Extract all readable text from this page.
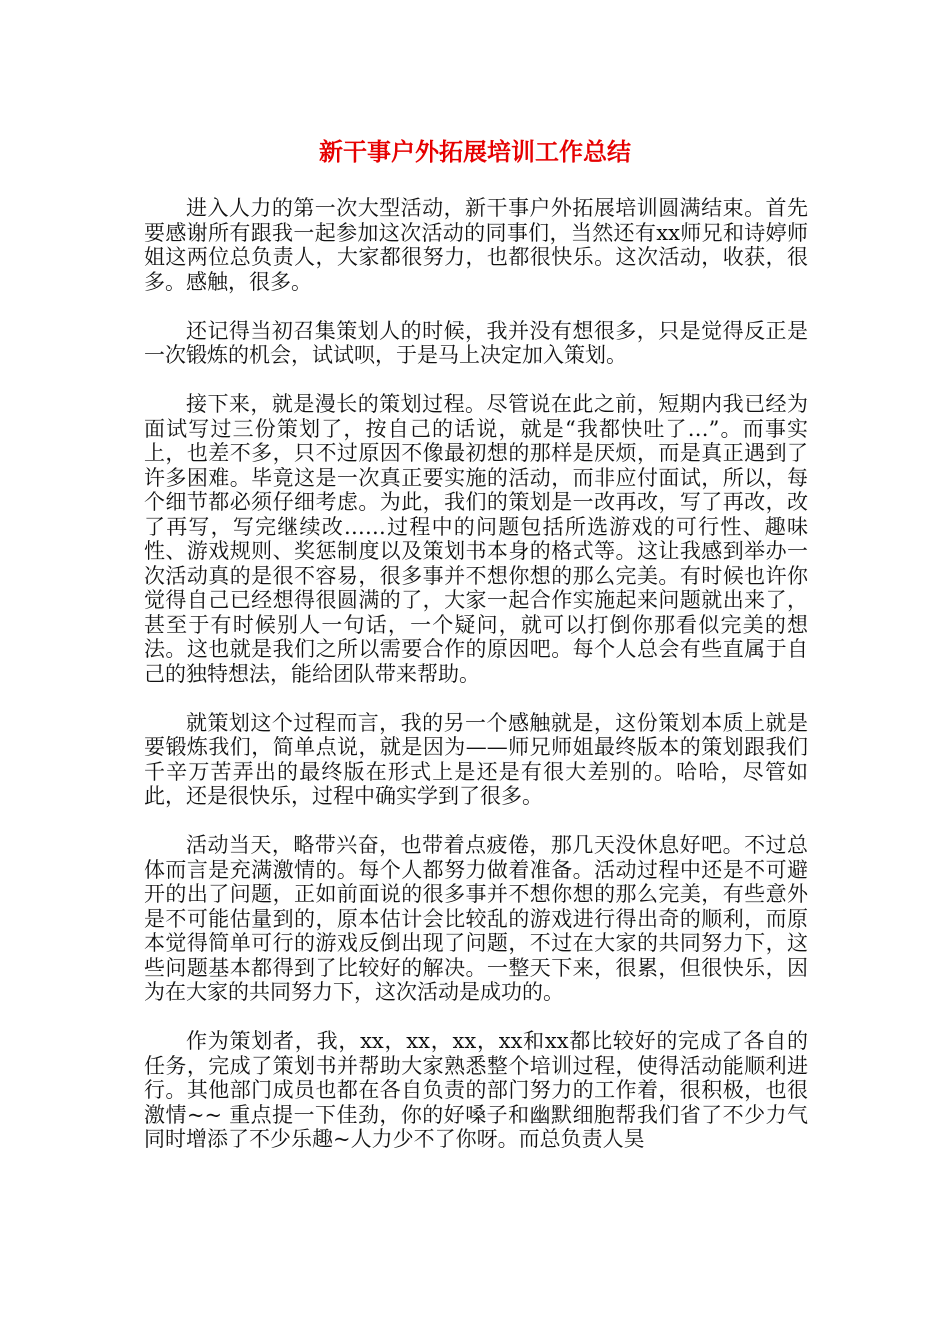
新干事户外拓展培训工作总结

进入人力的第一次大型活动，新干事户外拓展培训圆满结束。首先要感谢所有跟我一起参加这次活动的同事们，当然还有xx师兄和诗婷师姐这两位总负责人，大家都很努力，也都很快乐。这次活动，收获，很多。感触，很多。

还记得当初召集策划人的时候，我并没有想很多，只是觉得反正是一次锻炼的机会，试试呗，于是马上决定加入策划。

接下来，就是漫长的策划过程。尽管说在此之前，短期内我已经为面试写过三份策划了，按自己的话说，就是“我都快吐了…”。而事实上，也差不多，只不过原因不像最初想的那样是厌烦，而是真正遇到了许多困难。毕竟这是一次真正要实施的活动，而非应付面试，所以，每个细节都必须仔细考虑。为此，我们的策划是一改再改，写了再改，改了再写，写完继续改……过程中的问题包括所选游戏的可行性、趣味性、游戏规则、奖惩制度以及策划书本身的格式等。这让我感到举办一次活动真的是很不容易，很多事并不想你想的那么完美。有时候也许你觉得自己已经想得很圆满的了，大家一起合作实施起来问题就出来了，甚至于有时候别人一句话，一个疑问，就可以打倒你那看似完美的想法。这也就是我们之所以需要合作的原因吧。每个人总会有些直属于自己的独特想法，能给团队带来帮助。

就策划这个过程而言，我的另一个感触就是，这份策划本质上就是要锻炼我们，简单点说，就是因为——师兄师姐最终版本的策划跟我们千辛万苦弄出的最终版在形式上是还是有很大差别的。哈哈，尽管如此，还是很快乐，过程中确实学到了很多。

活动当天，略带兴奋，也带着点疲倦，那几天没休息好吧。不过总体而言是充满激情的。每个人都努力做着准备。活动过程中还是不可避开的出了问题，正如前面说的很多事并不想你想的那么完美，有些意外是不可能估量到的，原本估计会比较乱的游戏进行得出奇的顺利，而原本觉得简单可行的游戏反倒出现了问题，不过在大家的共同努力下，这些问题基本都得到了比较好的解决。一整天下来，很累，但很快乐，因为在大家的共同努力下，这次活动是成功的。

作为策划者，我，xx，xx，xx，xx和xx都比较好的完成了各自的任务，完成了策划书并帮助大家熟悉整个培训过程，使得活动能顺利进行。其他部门成员也都在各自负责的部门努力的工作着，很积极，也很激情~~ 重点提一下佳劲，你的好嗓子和幽默细胞帮我们省了不少力气同时增添了不少乐趣~人力少不了你呀。而总负责人昊
